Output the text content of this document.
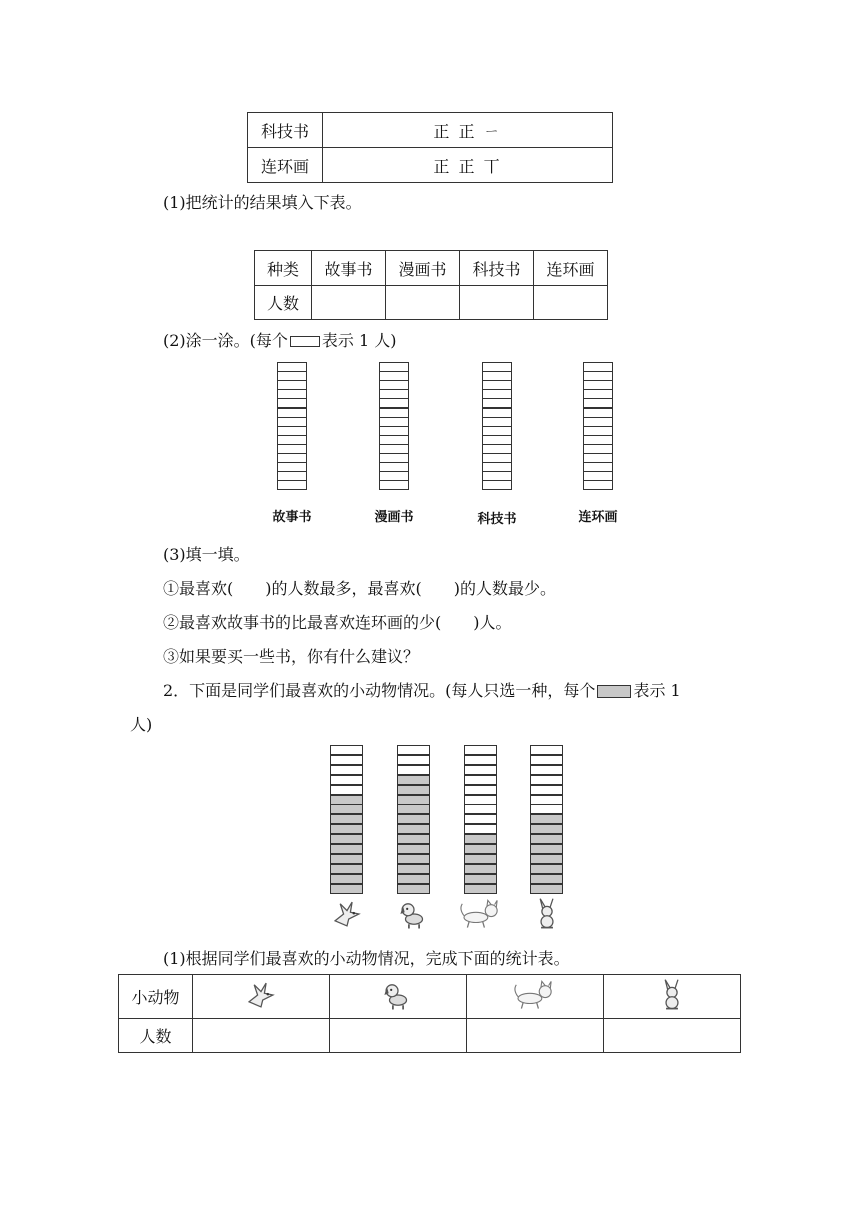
科技书	正 正 ㄧ
连环画	正 正 丅
(1)把统计的结果填入下表。
种类	故事书	漫画书	科技书	连环画
人数				
(2)涂一涂。(每个 表示 1 人)
故事书	漫画书	科技书	连环画
(3)填一填。
①最喜欢(　　)的人数最多，最喜欢(　　)的人数最少。
②最喜欢故事书的比最喜欢连环画的少(　　)人。
③如果要买一些书，你有什么建议？
2．下面是同学们最喜欢的小动物情况。(每人只选一种，每个 表示 1
人)
(1)根据同学们最喜欢的小动物情况，完成下面的统计表。
小动物				
人数				
